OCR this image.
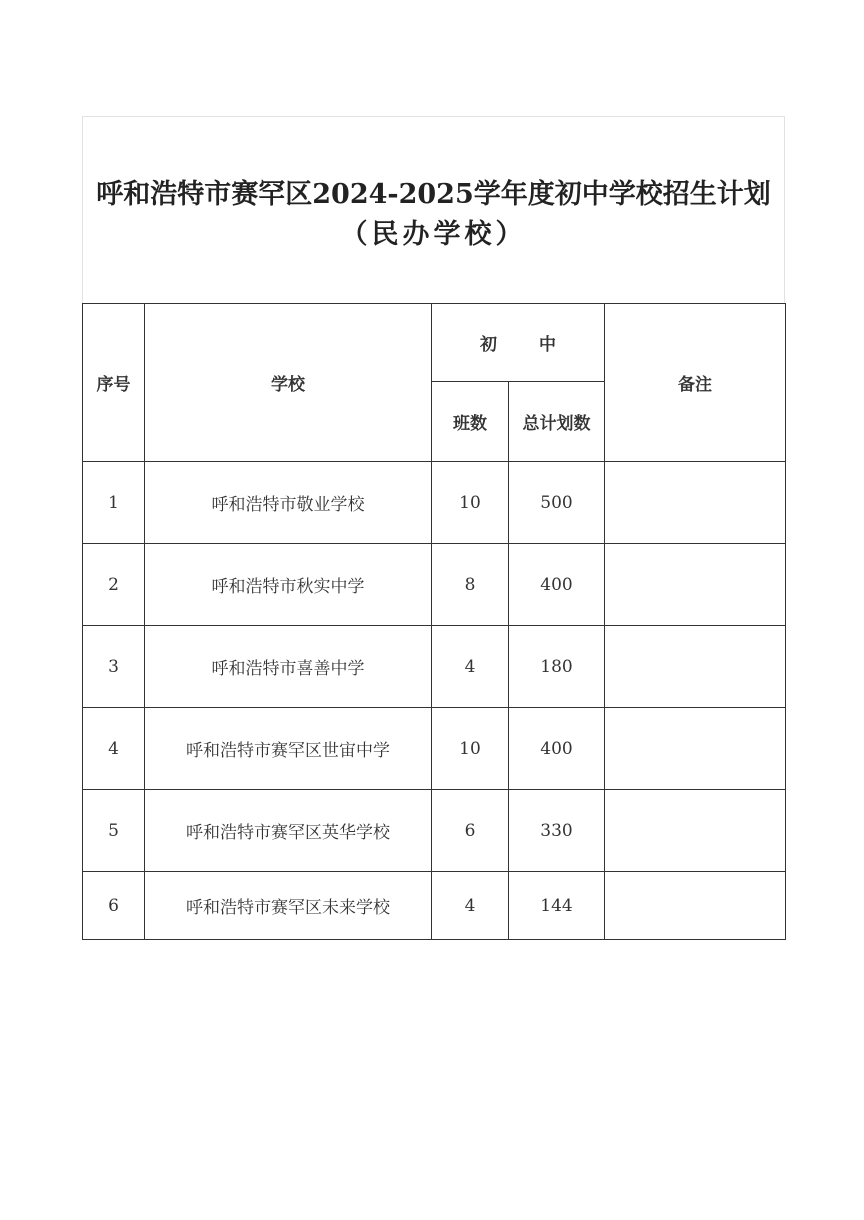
呼和浩特市赛罕区2024-2025学年度初中学校招生计划
（民办学校）
序号	学校	初 中		备注
		班数	总计划数	
1	呼和浩特市敬业学校	10	500	
2	呼和浩特市秋实中学	8	400	
3	呼和浩特市喜善中学	4	180	
4	呼和浩特市赛罕区世宙中学	10	400	
5	呼和浩特市赛罕区英华学校	6	330	
6	呼和浩特市赛罕区未来学校	4	144	
